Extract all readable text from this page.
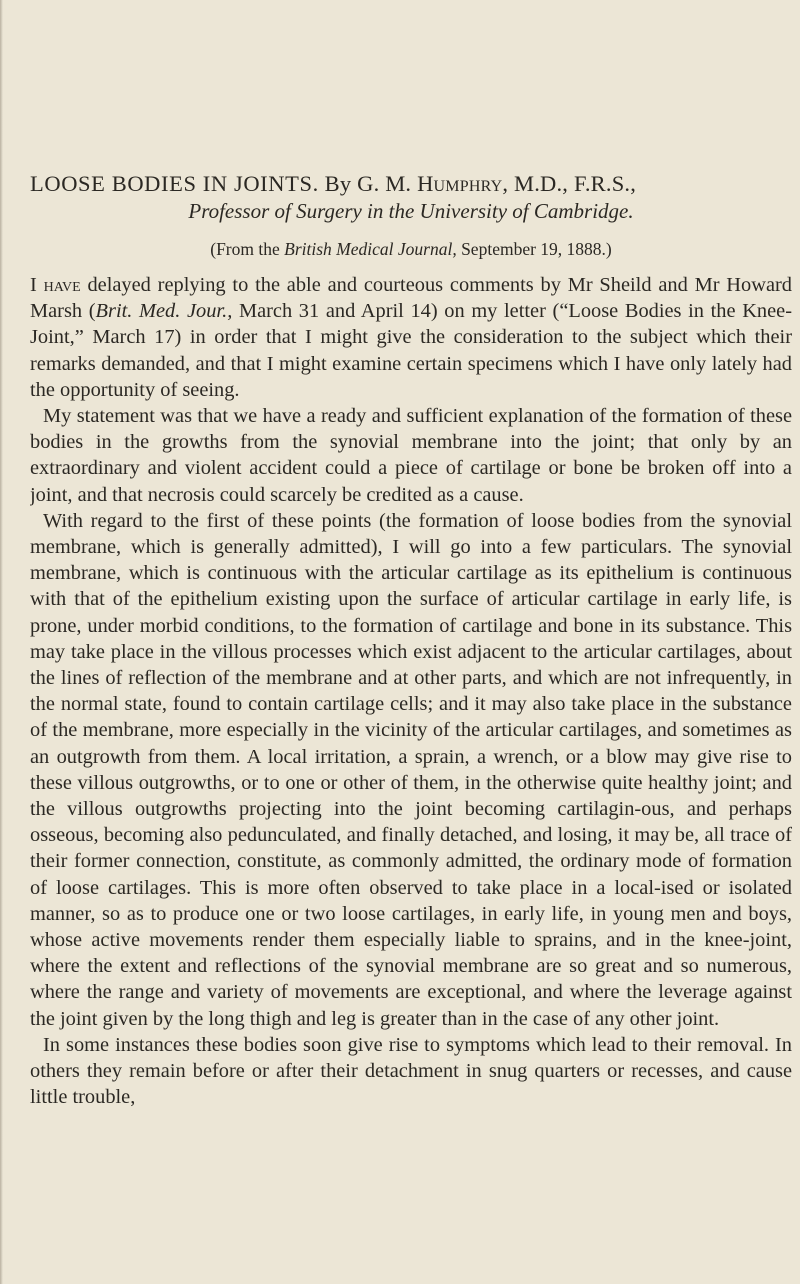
LOOSE BODIES IN JOINTS. By G. M. Humphry, M.D., F.R.S.,
Professor of Surgery in the University of Cambridge.
(From the British Medical Journal, September 19, 1888.)

I have delayed replying to the able and courteous comments by Mr Sheild and Mr Howard Marsh (Brit. Med. Jour., March 31 and April 14) on my letter (“Loose Bodies in the Knee-Joint,” March 17) in order that I might give the consideration to the subject which their remarks demanded, and that I might examine certain specimens which I have only lately had the opportunity of seeing.

My statement was that we have a ready and sufficient explanation of the formation of these bodies in the growths from the synovial membrane into the joint; that only by an extraordinary and violent accident could a piece of cartilage or bone be broken off into a joint, and that necrosis could scarcely be credited as a cause.

With regard to the first of these points (the formation of loose bodies from the synovial membrane, which is generally admitted), I will go into a few particulars. The synovial membrane, which is continuous with the articular cartilage as its epithelium is continuous with that of the epithelium existing upon the surface of articular cartilage in early life, is prone, under morbid conditions, to the formation of cartilage and bone in its substance. This may take place in the villous processes which exist adjacent to the articular cartilages, about the lines of reflection of the membrane and at other parts, and which are not infrequently, in the normal state, found to contain cartilage cells; and it may also take place in the substance of the membrane, more especially in the vicinity of the articular cartilages, and sometimes as an outgrowth from them. A local irritation, a sprain, a wrench, or a blow may give rise to these villous outgrowths, or to one or other of them, in the otherwise quite healthy joint; and the villous outgrowths projecting into the joint becoming cartilagin-ous, and perhaps osseous, becoming also pedunculated, and finally detached, and losing, it may be, all trace of their former connection, constitute, as commonly admitted, the ordinary mode of formation of loose cartilages. This is more often observed to take place in a local-ised or isolated manner, so as to produce one or two loose cartilages, in early life, in young men and boys, whose active movements render them especially liable to sprains, and in the knee-joint, where the extent and reflections of the synovial membrane are so great and so numerous, where the range and variety of movements are exceptional, and where the leverage against the joint given by the long thigh and leg is greater than in the case of any other joint.

In some instances these bodies soon give rise to symptoms which lead to their removal. In others they remain before or after their detachment in snug quarters or recesses, and cause little trouble,
